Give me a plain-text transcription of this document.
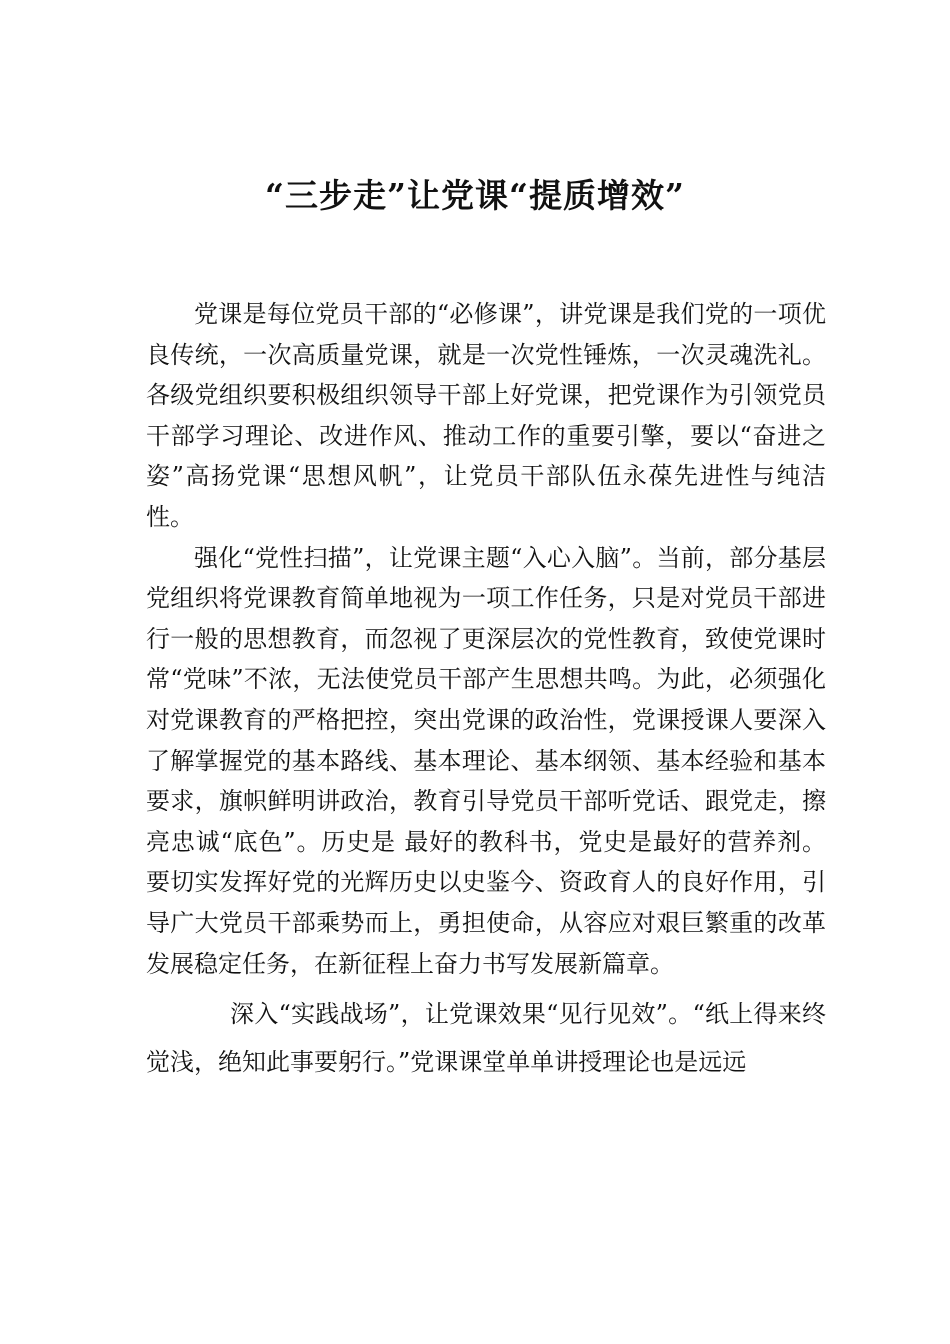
“三步走”让党课“提质增效”

党课是每位党员干部的“必修课”，讲党课是我们党的一项优良传统，一次高质量党课，就是一次党性锤炼，一次灵魂洗礼。各级党组织要积极组织领导干部上好党课，把党课作为引领党员干部学习理论、改进作风、推动工作的重要引擎，要以“奋进之姿”高扬党课“思想风帆”，让党员干部队伍永葆先进性与纯洁性。

强化“党性扫描”，让党课主题“入心入脑”。当前，部分基层党组织将党课教育简单地视为一项工作任务，只是对党员干部进行一般的思想教育，而忽视了更深层次的党性教育，致使党课时常“党味”不浓，无法使党员干部产生思想共鸣。为此，必须强化对党课教育的严格把控，突出党课的政治性，党课授课人要深入了解掌握党的基本路线、基本理论、基本纲领、基本经验和基本要求，旗帜鲜明讲政治，教育引导党员干部听党话、跟党走，擦亮忠诚“底色”。历史是 最好的教科书，党史是最好的营养剂。要切实发挥好党的光辉历史以史鉴今、资政育人的良好作用，引导广大党员干部乘势而上，勇担使命，从容应对艰巨繁重的改革发展稳定任务，在新征程上奋力书写发展新篇章。

深入“实践战场”，让党课效果“见行见效”。“纸上得来终觉浅，绝知此事要躬行。”党课课堂单单讲授理论也是远远
